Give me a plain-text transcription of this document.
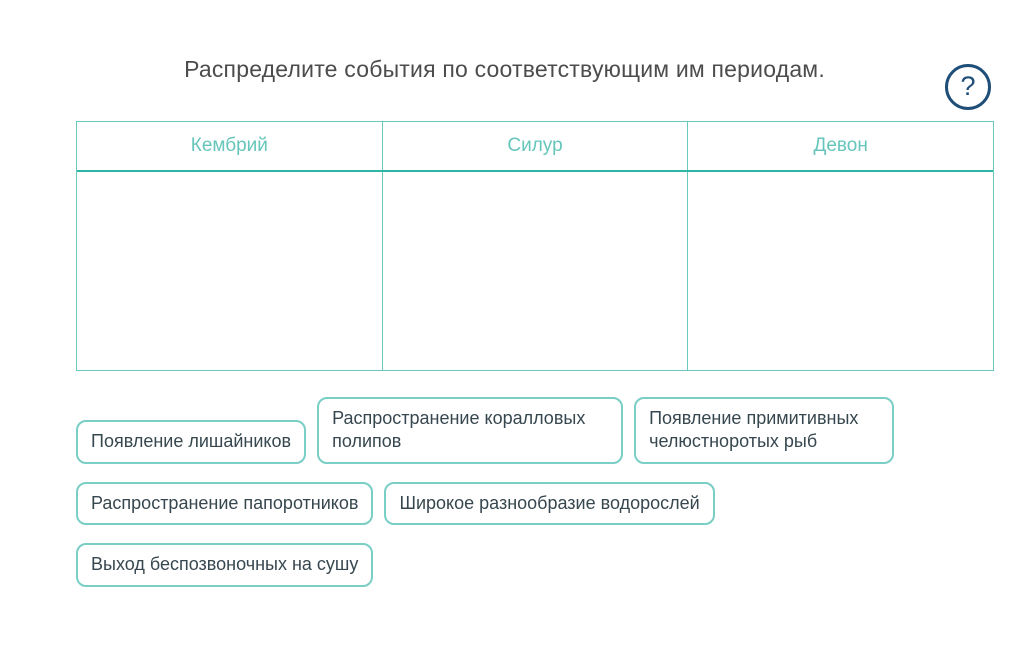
Распределите события по соответствующим им периодам.
?
Кембрий	Силур	Девон
Появление лишайников
Распространение коралловых полипов
Появление примитивных челюстноротых рыб
Распространение папоротников	Широкое разнообразие водорослей
Выход беспозвоночных на сушу
